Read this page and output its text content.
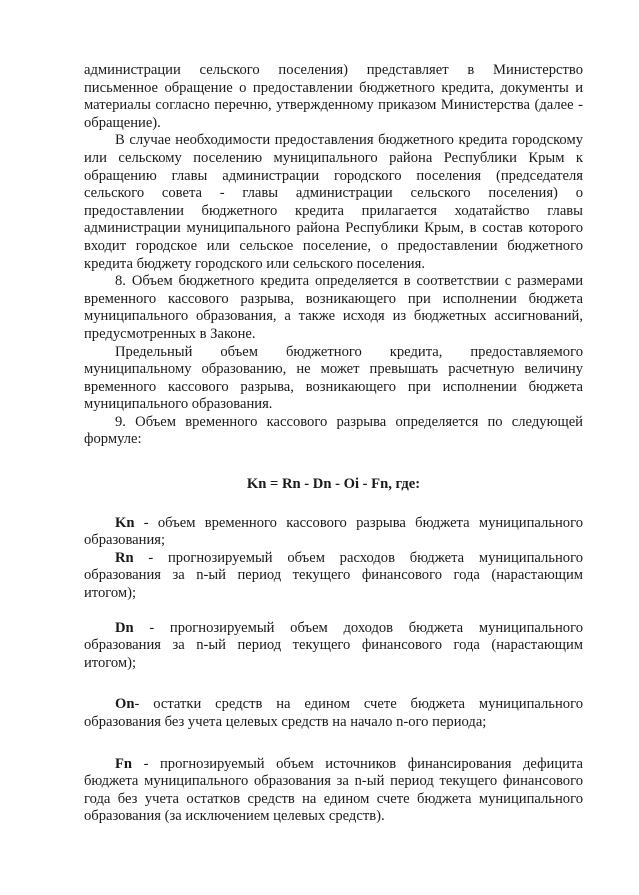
администрации сельского поселения) представляет в Министерство письменное обращение о предоставлении бюджетного кредита, документы и материалы согласно перечню, утвержденному приказом Министерства (далее - обращение).

В случае необходимости предоставления бюджетного кредита городскому или сельскому поселению муниципального района Республики Крым к обращению главы администрации городского поселения (председателя сельского совета - главы администрации сельского поселения) о предоставлении бюджетного кредита прилагается ходатайство главы администрации муниципального района Республики Крым, в состав которого входит городское или сельское поселение, о предоставлении бюджетного кредита бюджету городского или сельского поселения.

8. Объем бюджетного кредита определяется в соответствии с размерами временного кассового разрыва, возникающего при исполнении бюджета муниципального образования, а также исходя из бюджетных ассигнований, предусмотренных в Законе.

Предельный объем бюджетного кредита, предоставляемого муниципальному образованию, не может превышать расчетную величину временного кассового разрыва, возникающего при исполнении бюджета муниципального образования.

9. Объем временного кассового разрыва определяется по следующей формуле:

Kn = Rn - Dn - Oi - Fn, где:

Kn - объем временного кассового разрыва бюджета муниципального образования;

Rn - прогнозируемый объем расходов бюджета муниципального образования за n-ый период текущего финансового года (нарастающим итогом);

Dn - прогнозируемый объем доходов бюджета муниципального образования за n-ый период текущего финансового года (нарастающим итогом);

On- остатки средств на едином счете бюджета муниципального образования без учета целевых средств на начало n-ого периода;

Fn - прогнозируемый объем источников финансирования дефицита бюджета муниципального образования за n-ый период текущего финансового года без учета остатков средств на едином счете бюджета муниципального образования (за исключением целевых средств).
